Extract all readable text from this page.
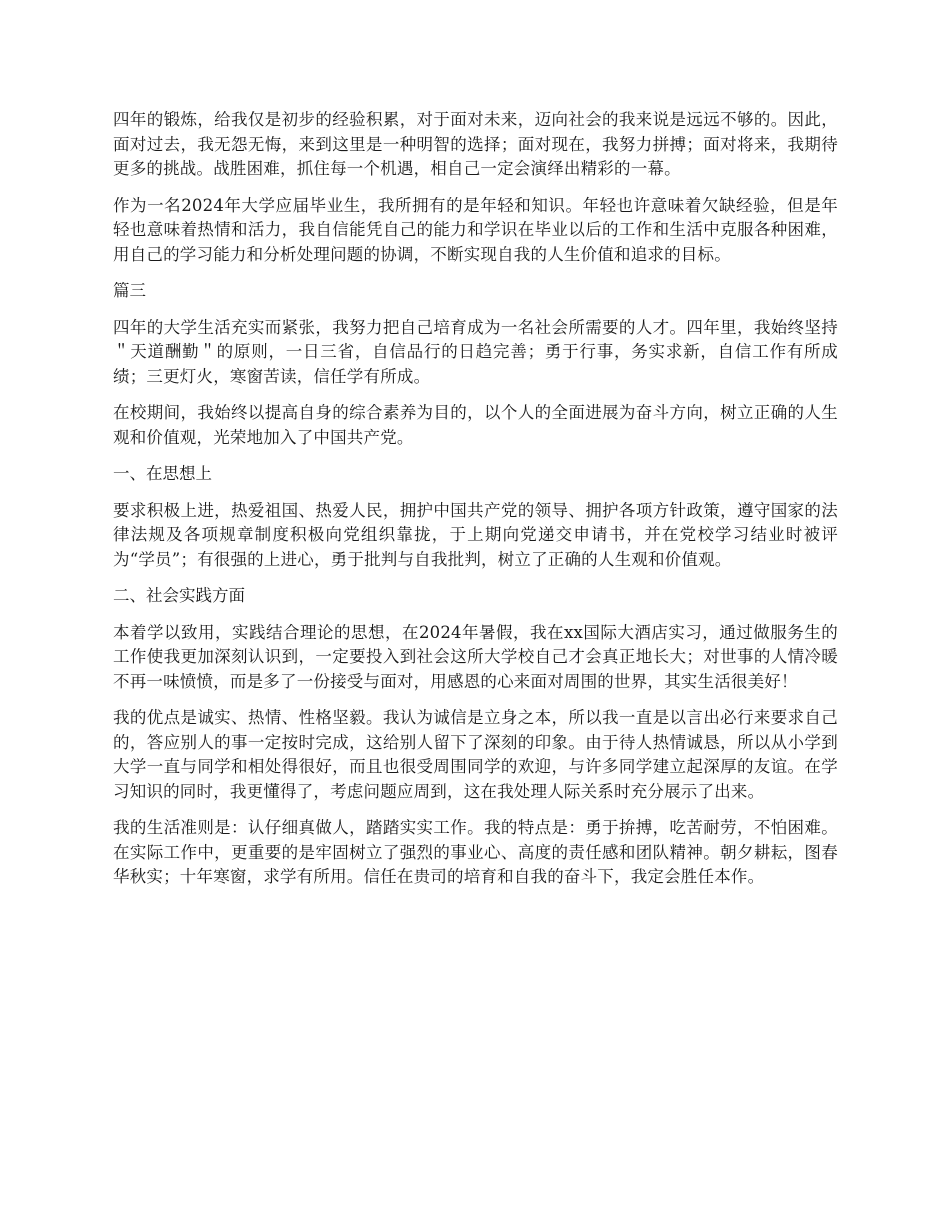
四年的锻炼，给我仅是初步的经验积累，对于面对未来，迈向社会的我来说是远远不够的。因此，面对过去，我无怨无悔，来到这里是一种明智的选择；面对现在，我努力拼搏；面对将来，我期待更多的挑战。战胜困难，抓住每一个机遇，相自己一定会演绎出精彩的一幕。

作为一名2024年大学应届毕业生，我所拥有的是年轻和知识。年轻也许意味着欠缺经验，但是年轻也意味着热情和活力，我自信能凭自己的能力和学识在毕业以后的工作和生活中克服各种困难，用自己的学习能力和分析处理问题的协调，不断实现自我的人生价值和追求的目标。

篇三

四年的大学生活充实而紧张，我努力把自己培育成为一名社会所需要的人才。四年里，我始终坚持＂天道酬勤＂的原则，一日三省，自信品行的日趋完善；勇于行事，务实求新，自信工作有所成绩；三更灯火，寒窗苦读，信任学有所成。

在校期间，我始终以提高自身的综合素养为目的，以个人的全面进展为奋斗方向，树立正确的人生观和价值观，光荣地加入了中国共产党。

一、在思想上

要求积极上进，热爱祖国、热爱人民，拥护中国共产党的领导、拥护各项方针政策，遵守国家的法律法规及各项规章制度积极向党组织靠拢，于上期向党递交申请书，并在党校学习结业时被评为“学员”；有很强的上进心，勇于批判与自我批判，树立了正确的人生观和价值观。

二、社会实践方面

本着学以致用，实践结合理论的思想，在2024年暑假，我在xx国际大酒店实习，通过做服务生的工作使我更加深刻认识到，一定要投入到社会这所大学校自己才会真正地长大；对世事的人情冷暖不再一味愤愤，而是多了一份接受与面对，用感恩的心来面对周围的世界，其实生活很美好！

我的优点是诚实、热情、性格坚毅。我认为诚信是立身之本，所以我一直是以言出必行来要求自己的，答应别人的事一定按时完成，这给别人留下了深刻的印象。由于待人热情诚恳，所以从小学到大学一直与同学和相处得很好，而且也很受周围同学的欢迎，与许多同学建立起深厚的友谊。在学习知识的同时，我更懂得了，考虑问题应周到，这在我处理人际关系时充分展示了出来。

我的生活准则是：认仔细真做人，踏踏实实工作。我的特点是：勇于拚搏，吃苦耐劳，不怕困难。在实际工作中，更重要的是牢固树立了强烈的事业心、高度的责任感和团队精神。朝夕耕耘，图春华秋实；十年寒窗，求学有所用。信任在贵司的培育和自我的奋斗下，我定会胜任本作。
